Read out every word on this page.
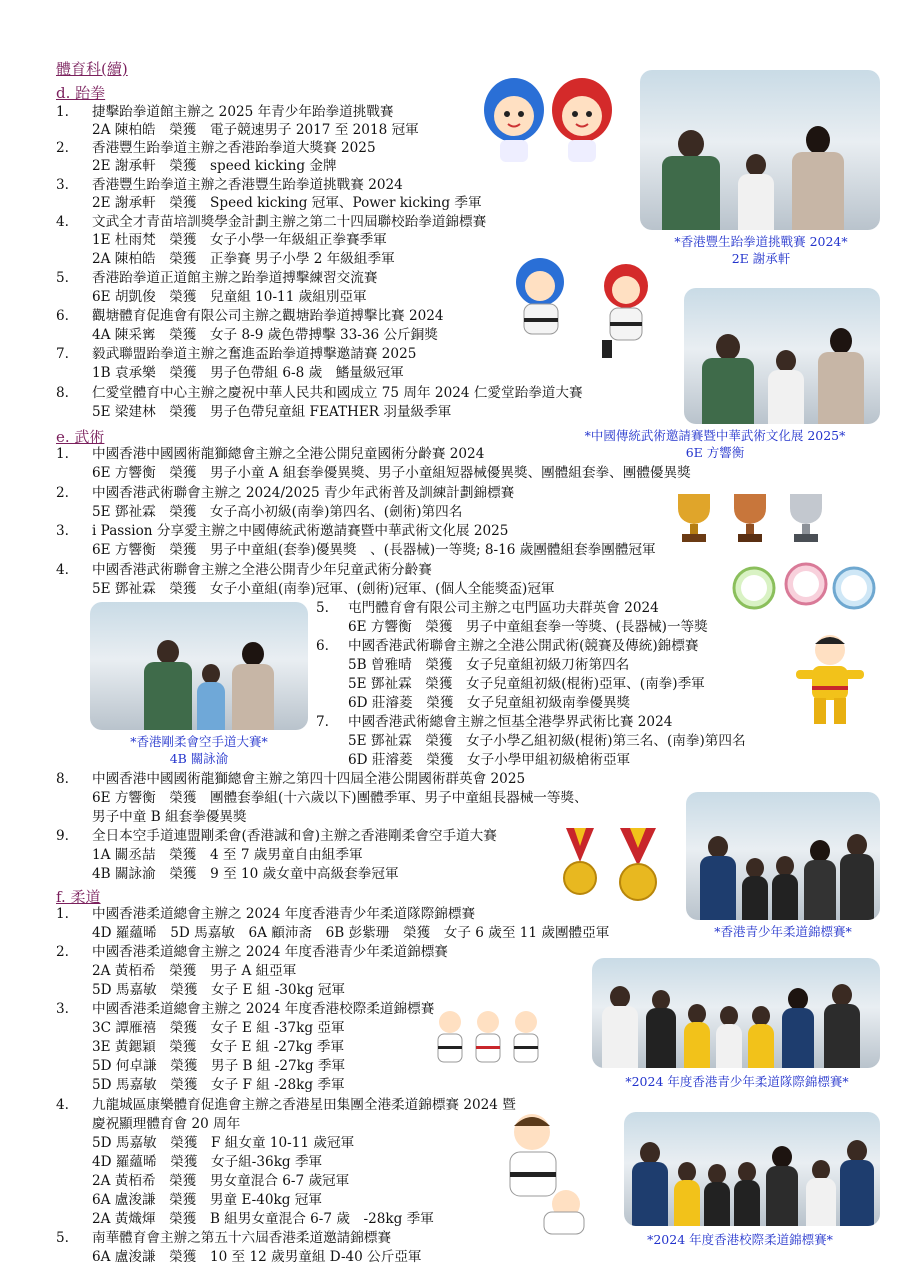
體育科(續)
d. 跆拳
1. 捷擊跆拳道館主辦之 2025 年青少年跆拳道挑戰賽
2A 陳柏皓　榮獲　電子競速男子 2017 至 2018 冠軍
2. 香港豐生跆拳道主辦之香港跆拳道大獎賽 2025
2E 謝承軒　榮獲　speed kicking 金牌
3. 香港豐生跆拳道主辦之香港豐生跆拳道挑戰賽 2024
2E 謝承軒　榮獲　Speed kicking 冠軍、Power kicking 季軍
4. 文武全才青苗培訓獎學金計劃主辦之第二十四屆聯校跆拳道錦標賽
1E 杜雨梵　榮獲　女子小學一年級組正拳賽季軍
2A 陳柏皓　榮獲　正拳賽 男子小學 2 年級組季軍
5. 香港跆拳道正道館主辦之跆拳道搏擊練習交流賽
6E 胡凱俊　榮獲　兒童組 10-11 歲組別亞軍
6. 觀塘體育促進會有限公司主辦之觀塘跆拳道搏擊比賽 2024
4A 陳采寗　榮獲　女子 8-9 歲色帶搏擊 33-36 公斤銅獎
7. 毅武聯盟跆拳道主辦之奮進盃跆拳道搏擊邀請賽 2025
1B 袁承樂　榮獲　男子色帶組 6-8 歲　鰭量級冠軍
8. 仁愛堂體育中心主辦之慶祝中華人民共和國成立 75 周年 2024 仁愛堂跆拳道大賽
5E 梁建林　榮獲　男子色帶兒童組 FEATHER 羽量級季軍
e. 武術
1. 中國香港中國國術龍獅總會主辦之全港公開兒童國術分齡賽 2024
6E 方響衡　榮獲　男子小童 A 組套拳優異獎、男子小童組短器械優異獎、團體組套拳、團體優異獎
2. 中國香港武術聯會主辦之 2024/2025 青少年武術普及訓練計劃錦標賽
5E 鄧祉霖　榮獲　女子高小初級(南拳)第四名、(劍術)第四名
3. i Passion 分享愛主辦之中國傳統武術邀請賽暨中華武術文化展 2025
6E 方響衡　榮獲　男子中童組(套拳)優異獎　、(長器械)一等獎; 8-16 歲團體組套拳團體冠軍
4. 中國香港武術聯會主辦之全港公開青少年兒童武術分齡賽
5E 鄧祉霖　榮獲　女子小童組(南拳)冠軍、(劍術)冠軍、(個人全能獎盃)冠軍
5. 屯門體育會有限公司主辦之屯門區功夫群英會 2024
6E 方響衡　榮獲　男子中童組套拳一等獎、(長器械)一等獎
6. 中國香港武術聯會主辦之全港公開武術(競賽及傳統)錦標賽
5B 曾雅晴　榮獲　女子兒童組初級刀術第四名
5E 鄧祉霖　榮獲　女子兒童組初級(棍術)亞軍、(南拳)季軍
6D 莊濬菱　榮獲　女子兒童組初級南拳優異獎
7. 中國香港武術總會主辦之恒基全港學界武術比賽 2024
5E 鄧祉霖　榮獲　女子小學乙組初級(棍術)第三名、(南拳)第四名
6D 莊濬菱　榮獲　女子小學甲組初級槍術亞軍
8. 中國香港中國國術龍獅總會主辦之第四十四屆全港公開國術群英會 2025
6E 方響衡　榮獲　團體套拳組(十六歲以下)團體季軍、男子中童組長器械一等獎、
男子中童 B 組套拳優異獎
9. 全日本空手道連盟剛柔會(香港誠和會)主辦之香港剛柔會空手道大賽
1A 關丞喆　榮獲　4 至 7 歲男童自由組季軍
4B 關詠渝　榮獲　9 至 10 歲女童中高級套拳冠軍
f. 柔道
1. 中國香港柔道總會主辦之 2024 年度香港青少年柔道隊際錦標賽
4D 羅蘊晞　5D 馬嘉敏　6A 顧沛斋　6B 彭紫珊　榮獲　女子 6 歲至 11 歲團體亞軍
2. 中國香港柔道總會主辦之 2024 年度香港青少年柔道錦標賽
2A 黃栢希　榮獲　男子 A 組亞軍
5D 馬嘉敏　榮獲　女子 E 組 -30kg 冠軍
3. 中國香港柔道總會主辦之 2024 年度香港校際柔道錦標賽
3C 譚雁禧　榮獲　女子 E 組 -37kg 亞軍
3E 黃鍶穎　榮獲　女子 E 組 -27kg 季軍
5D 何卓謙　榮獲　男子 B 組 -27kg 季軍
5D 馬嘉敏　榮獲　女子 F 組 -28kg 季軍
4. 九龍城區康樂體育促進會主辦之香港星田集團全港柔道錦標賽 2024 暨
慶祝顯理體育會 20 周年
5D 馬嘉敏　榮獲　F 組女童 10-11 歲冠軍
4D 羅蘊晞　榮獲　女子組-36kg 季軍
2A 黃栢希　榮獲　男女童混合 6-7 歲冠軍
6A 盧浚謙　榮獲　男童 E-40kg 冠軍
2A 黃熾煇　榮獲　B 組男女童混合 6-7 歲　-28kg 季軍
5. 南華體育會主辦之第五十六屆香港柔道邀請錦標賽
6A 盧浚謙　榮獲　10 至 12 歲男童組 D-40 公斤亞軍
*香港豐生跆拳道挑戰賽 2024*
2E 謝承軒
*中國傳統武術邀請賽暨中華武術文化展 2025*
6E 方響衡
*香港剛柔會空手道大賽*
4B 關詠渝
*香港青少年柔道錦標賽*
*2024 年度香港青少年柔道隊際錦標賽*
*2024 年度香港校際柔道錦標賽*
